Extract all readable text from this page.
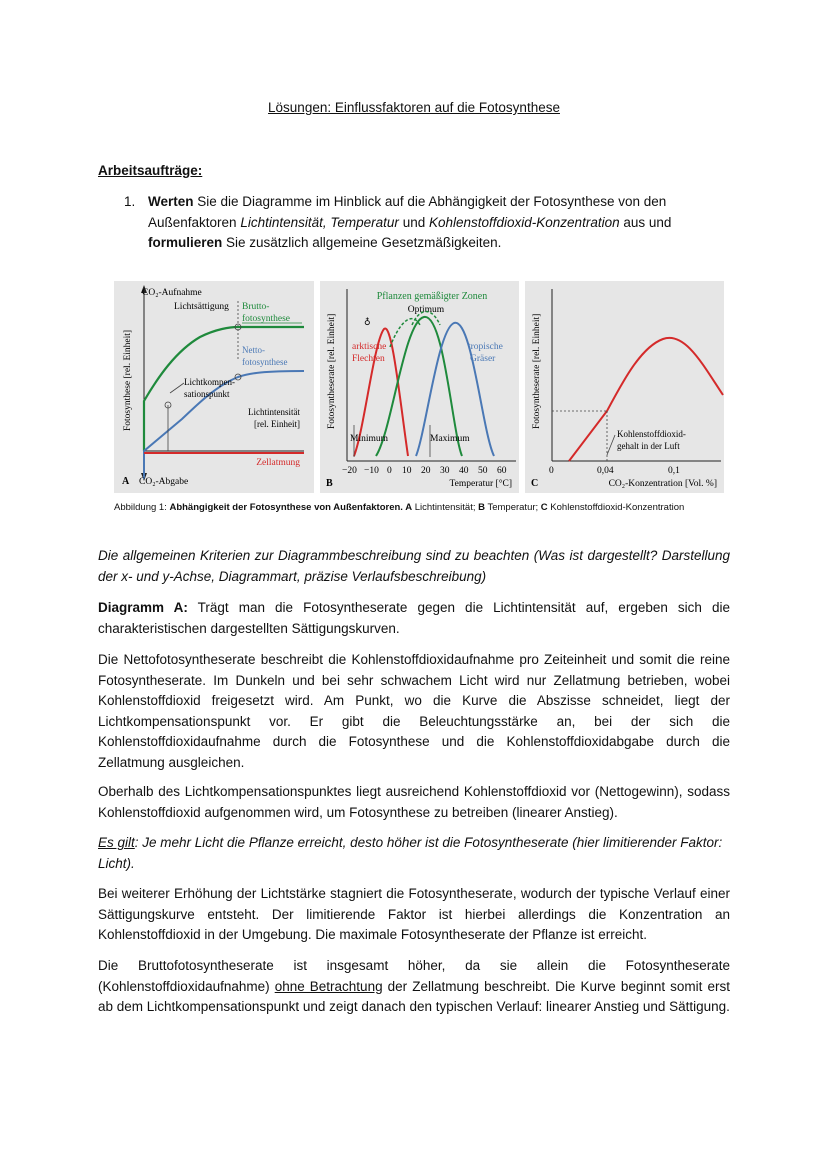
Lösungen: Einflussfaktoren auf die Fotosynthese
Arbeitsaufträge:
1. Werten Sie die Diagramme im Hinblick auf die Abhängigkeit der Fotosynthese von den Außenfaktoren Lichtintensität, Temperatur und Kohlenstoffdioxid-Konzentration aus und formulieren Sie zusätzlich allgemeine Gesetzmäßigkeiten.
Fotosynthese [rel. Einheit]
CO₂-Aufnahme
Lichtsättigung Brutto-
fotosynthese
Netto-
fotosynthese
Lichtkompen-
sationspunkt
Lichtintensität
[rel. Einheit]
Zellatmung
A CO₂-Abgabe
Fotosyntheserate [rel. Einheit]
Pflanzen gemäßigter Zonen
Optimum
♁
arktische
Flechten
tropische
Gräser
Minimum	Maximum
−20 −10 0 10 20 30 40 50 60
B	Temperatur [°C]
Fotosyntheserate [rel. Einheit]
Kohlenstoffdioxid-
gehalt in der Luft
0	0,04	0,1
C	CO₂-Konzentration [Vol. %]
Abbildung 1: Abhängigkeit der Fotosynthese von Außenfaktoren. A Lichtintensität; B Temperatur; C Kohlenstoffdioxid-Konzentration
Die allgemeinen Kriterien zur Diagrammbeschreibung sind zu beachten (Was ist dargestellt? Darstellung der x- und y-Achse, Diagrammart, präzise Verlaufsbeschreibung)
Diagramm A: Trägt man die Fotosyntheserate gegen die Lichtintensität auf, ergeben sich die charakteristischen dargestellten Sättigungskurven.
Die Nettofotosyntheserate beschreibt die Kohlenstoffdioxidaufnahme pro Zeiteinheit und somit die reine Fotosyntheserate. Im Dunkeln und bei sehr schwachem Licht wird nur Zellatmung betrieben, wobei Kohlenstoffdioxid freigesetzt wird. Am Punkt, wo die Kurve die Abszisse schneidet, liegt der Lichtkompensationspunkt vor. Er gibt die Beleuchtungsstärke an, bei der sich die Kohlenstoffdioxidaufnahme durch die Fotosynthese und die Kohlenstoffdioxidabgabe durch die Zellatmung ausgleichen.
Oberhalb des Lichtkompensationspunktes liegt ausreichend Kohlenstoffdioxid vor (Nettogewinn), sodass Kohlenstoffdioxid aufgenommen wird, um Fotosynthese zu betreiben (linearer Anstieg).
Es gilt: Je mehr Licht die Pflanze erreicht, desto höher ist die Fotosyntheserate (hier limitierender Faktor: Licht).
Bei weiterer Erhöhung der Lichtstärke stagniert die Fotosyntheserate, wodurch der typische Verlauf einer Sättigungskurve entsteht. Der limitierende Faktor ist hierbei allerdings die Konzentration an Kohlenstoffdioxid in der Umgebung. Die maximale Fotosyntheserate der Pflanze ist erreicht.
Die Bruttofotosyntheserate ist insgesamt höher, da sie allein die Fotosyntheserate (Kohlenstoffdioxidaufnahme) ohne Betrachtung der Zellatmung beschreibt. Die Kurve beginnt somit erst ab dem Lichtkompensationspunkt und zeigt danach den typischen Verlauf: linearer Anstieg und Sättigung.
